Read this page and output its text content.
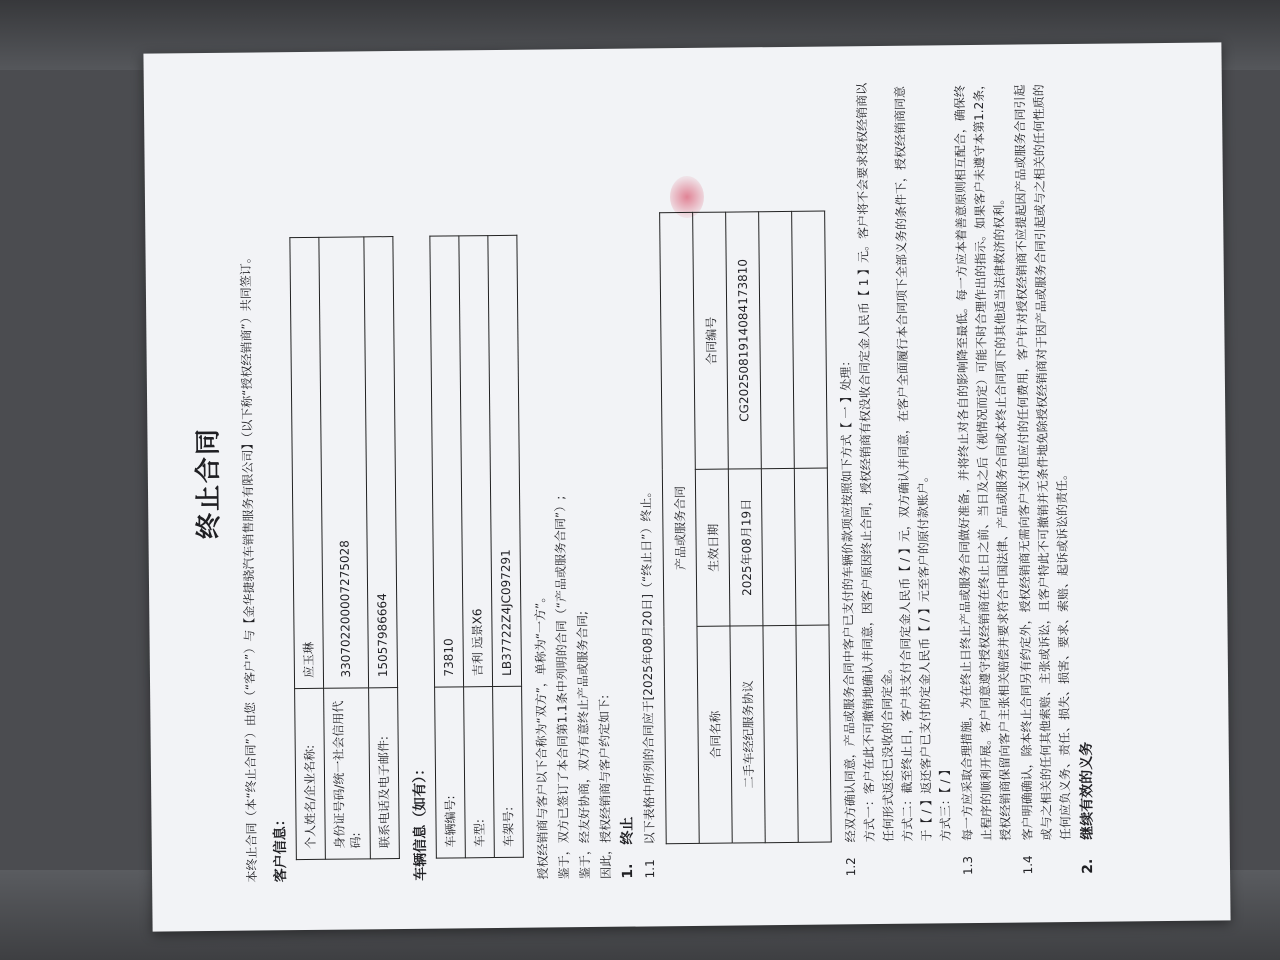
终止合同	本终止合同（本“终止合同”）由您（“客户”）与【金华捷骁汽车销售服务有限公司】（以下称“授权经销商”）共同签订。 客户信息： 个人姓名/企业名称:	应玉琳
身份证号码/统一社会信用代码:	330702200007275028
联系电话及电子邮件:	15057986664
车辆信息（如有）： 车辆编号:	73810
车型:	吉利 远景X6
车架号:	LB37722Z4JC097291	授权经销商与客户以下合称为“双方”，单称为“一方”。 鉴于，双方已签订了本合同第1.1条中列明的合同（“产品或服务合同”）; 鉴于，经友好协商，双方有意终止产品或服务合同; 因此，授权经销商与客户约定如下: 1.
终止
1.1
以下表格中所列的合同应于[2025年08月20日]（“终止日”）终止。 产品或服务合同		
合同名称	生效日期	合同编号
二手车经纪服务协议	2025年08月19日	CG20250819140841738​10

1.2

经双方确认同意，产品或服务合同中客户已支付的车辆价款项应按照如下方式【 一 】处理：

方式一：客户在此不可撤销地确认并同意，因客户原因终止合同，授权经销商有权没收合同定金人民币【 1 】元。客户将不会要求授权经销商以任何形式返还已没收的合同定金。

方式二：截至终止日，客户共支付合同定金人民币【 / 】元，双方确认并同意，在客户全面履行本合同项下全部义务的条件下，授权经销商同意于【 / 】返还客户已支付的定金人民币【 / 】元至客户的原付款账户。 方式三：【 / 】

1.3
每一方应采取合理措施，为在终止日终止产品或服务合同做好准备，并将终止对各自的影响降至最低。每一方应本着善意原则相互配合，确保终止程序的顺利开展。客户同意遵守授权经销商在终止日之前、当日及之后（视情况而定）可能不时合理作出的指示。如果客户未遵守本第1.2条，授权经销商保留向客户主张相关赔偿并要求符合中国法律、产品或服务合同或本终止合同项下的其他适当法律救济的权利。
1.4
客户明确确认，除本终止合同另有约定外，授权经销商无需向客户支付但应付的任何费用，客户针对授权经销商不应提起因产品或服务合同引起或与之相关的任何其他索赔、主张或诉讼，且客户特此不可撤销并无条件地免除授权经销商对于因产品或服务合同引起或与之相关的任何性质的任何应负义务、责任、损失、损害、要求、索赔、起诉或诉讼的责任。
2.
继续有效的义务
